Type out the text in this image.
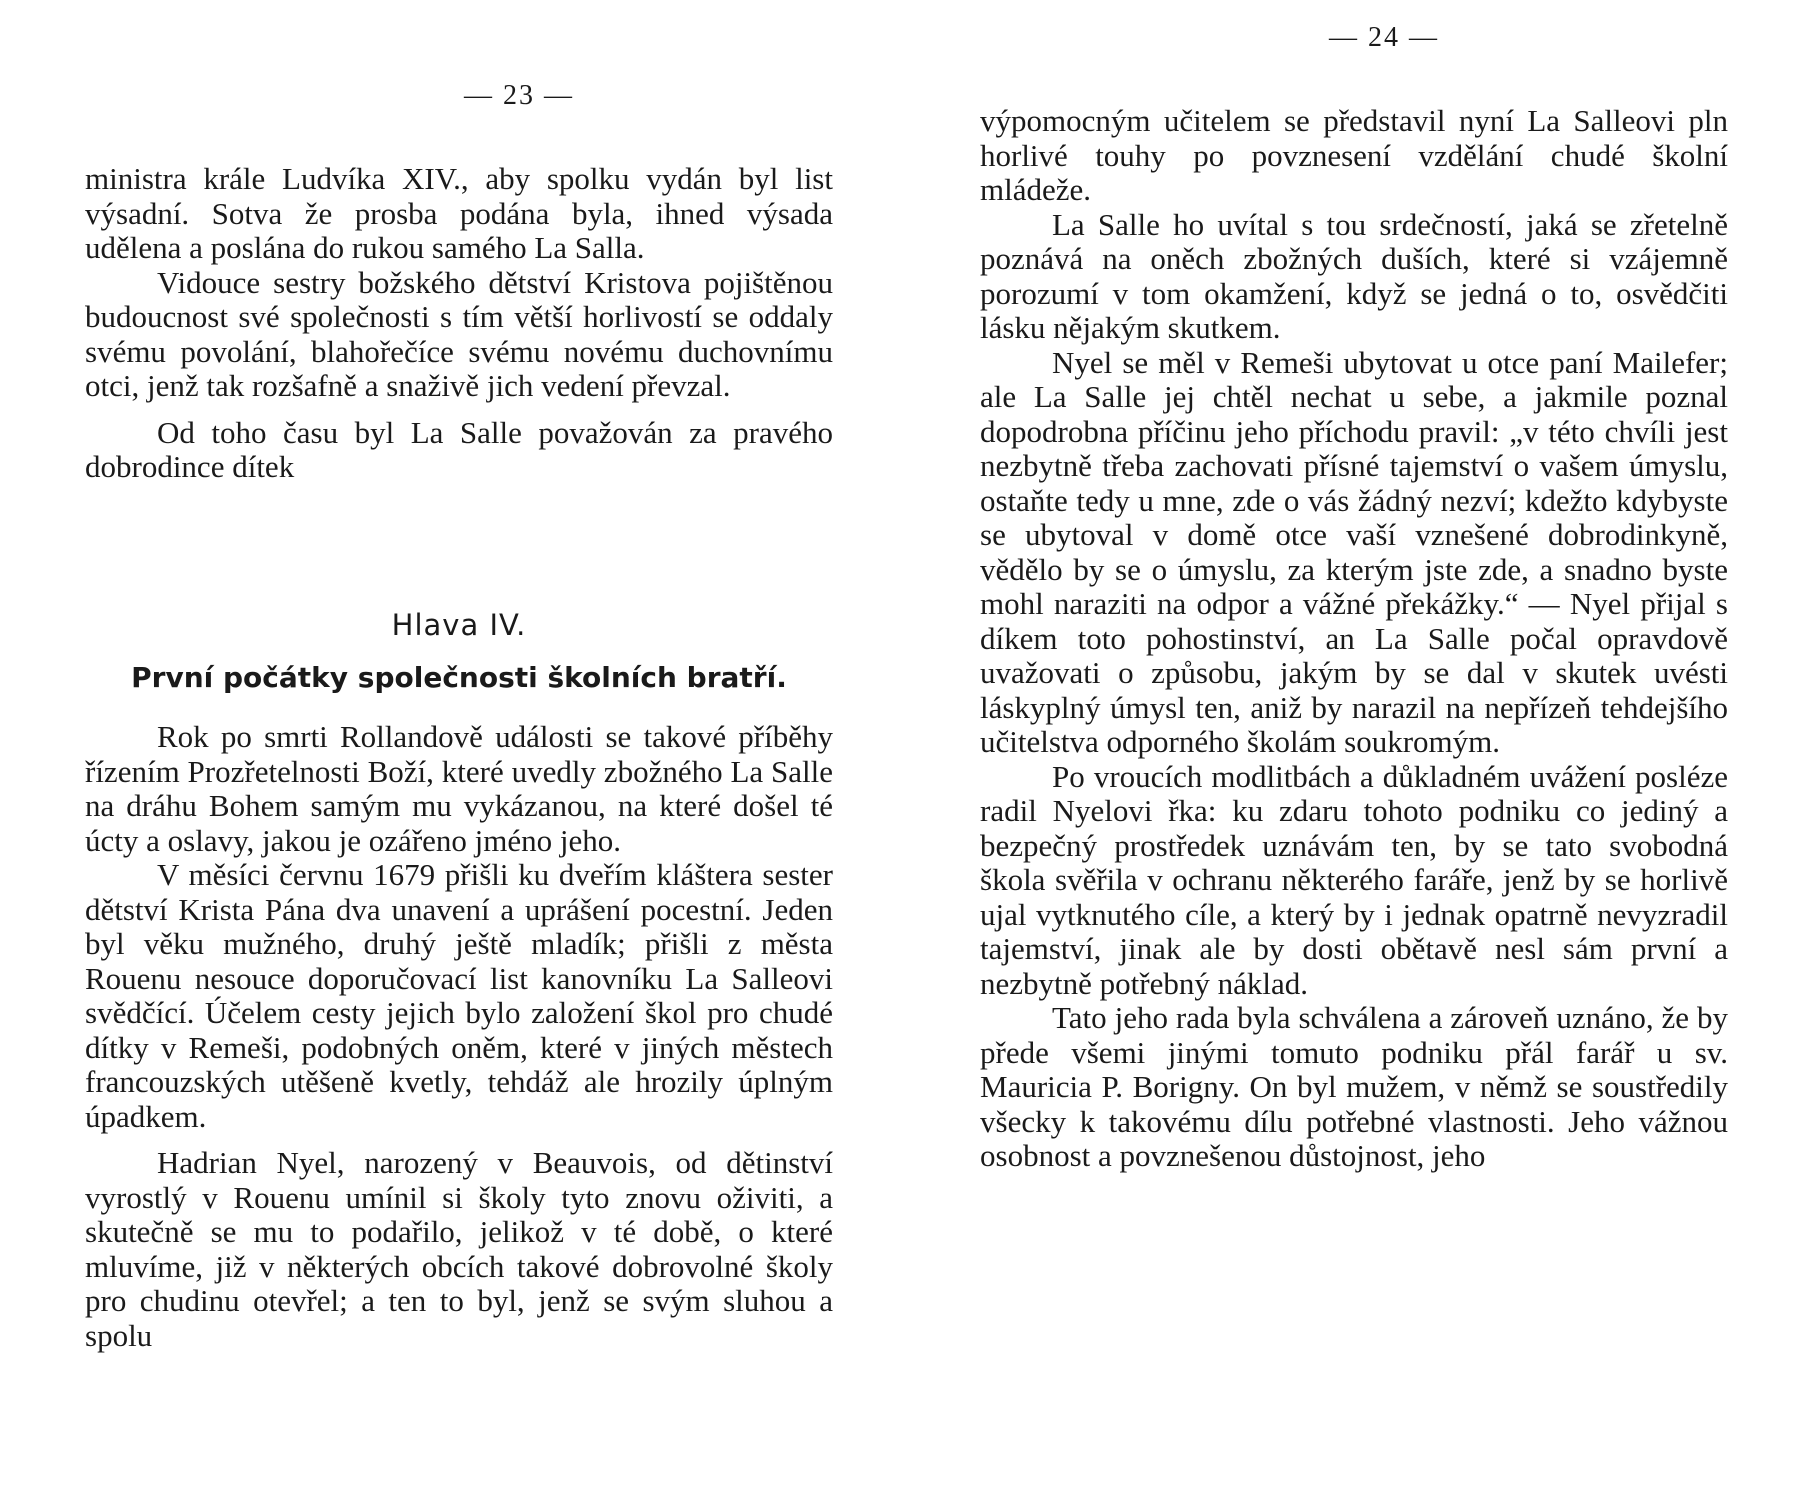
— 23 —

ministra krále Ludvíka XIV., aby spolku vydán byl list výsadní. Sotva že prosba podána byla, ihned výsada udělena a poslána do rukou samého La Salla.

Vidouce sestry božského dětství Kristova pojištěnou budoucnost své společnosti s tím větší horlivostí se oddaly svému povolání, blahořečíce svému novému duchovnímu otci, jenž tak rozšafně a snaživě jich vedení převzal.

Od toho času byl La Salle považován za pravého dobrodince dítek

Hlava IV.
První počátky společnosti školních bratří.

Rok po smrti Rollandově události se takové příběhy řízením Prozřetelnosti Boží, které uvedly zbožného La Salle na dráhu Bohem samým mu vykázanou, na které došel té úcty a oslavy, jakou je ozářeno jméno jeho.

V měsíci červnu 1679 přišli ku dveřím kláštera sester dětství Krista Pána dva unavení a uprášení pocestní. Jeden byl věku mužného, druhý ještě mladík; přišli z města Rouenu nesouce doporučovací list kanovníku La Salleovi svědčící. Účelem cesty jejich bylo založení škol pro chudé dítky v Remeši, podobných oněm, které v jiných městech francouzských utěšeně kvetly, tehdáž ale hrozily úplným úpadkem.

Hadrian Nyel, narozený v Beauvois, od dětinství vyrostlý v Rouenu umínil si školy tyto znovu oživiti, a skutečně se mu to podařilo, jelikož v té době, o které mluvíme, již v některých obcích takové dobrovolné školy pro chudinu otevřel; a ten to byl, jenž se svým sluhou a spolu

— 24 —

výpomocným učitelem se představil nyní La Salleovi pln horlivé touhy po povznesení vzdělání chudé školní mládeže.

La Salle ho uvítal s tou srdečností, jaká se zřetelně poznává na oněch zbožných duších, které si vzájemně porozumí v tom okamžení, když se jedná o to, osvědčiti lásku nějakým skutkem.

Nyel se měl v Remeši ubytovat u otce paní Mailefer; ale La Salle jej chtěl nechat u sebe, a jakmile poznal dopodrobna příčinu jeho příchodu pravil: „v této chvíli jest nezbytně třeba zachovati přísné tajemství o vašem úmyslu, ostaňte tedy u mne, zde o vás žádný nezví; kdežto kdybyste se ubytoval v domě otce vaší vznešené dobrodinkyně, vědělo by se o úmyslu, za kterým jste zde, a snadno byste mohl naraziti na odpor a vážné překážky.“ — Nyel přijal s díkem toto pohostinství, an La Salle počal opravdově uvažovati o způsobu, jakým by se dal v skutek uvésti láskyplný úmysl ten, aniž by narazil na nepřízeň tehdejšího učitelstva odporného školám soukromým.

Po vroucích modlitbách a důkladném uvážení posléze radil Nyelovi řka: ku zdaru tohoto podniku co jediný a bezpečný prostředek uznávám ten, by se tato svobodná škola svěřila v ochranu některého faráře, jenž by se horlivě ujal vytknutého cíle, a který by i jednak opatrně nevyzradil tajemství, jinak ale by dosti obětavě nesl sám první a nezbytně potřebný náklad.

Tato jeho rada byla schválena a zároveň uznáno, že by přede všemi jinými tomuto podniku přál farář u sv. Mauricia P. Borigny. On byl mužem, v němž se soustředily všecky k takovému dílu potřebné vlastnosti. Jeho vážnou osobnost a povznešenou důstojnost, jeho
